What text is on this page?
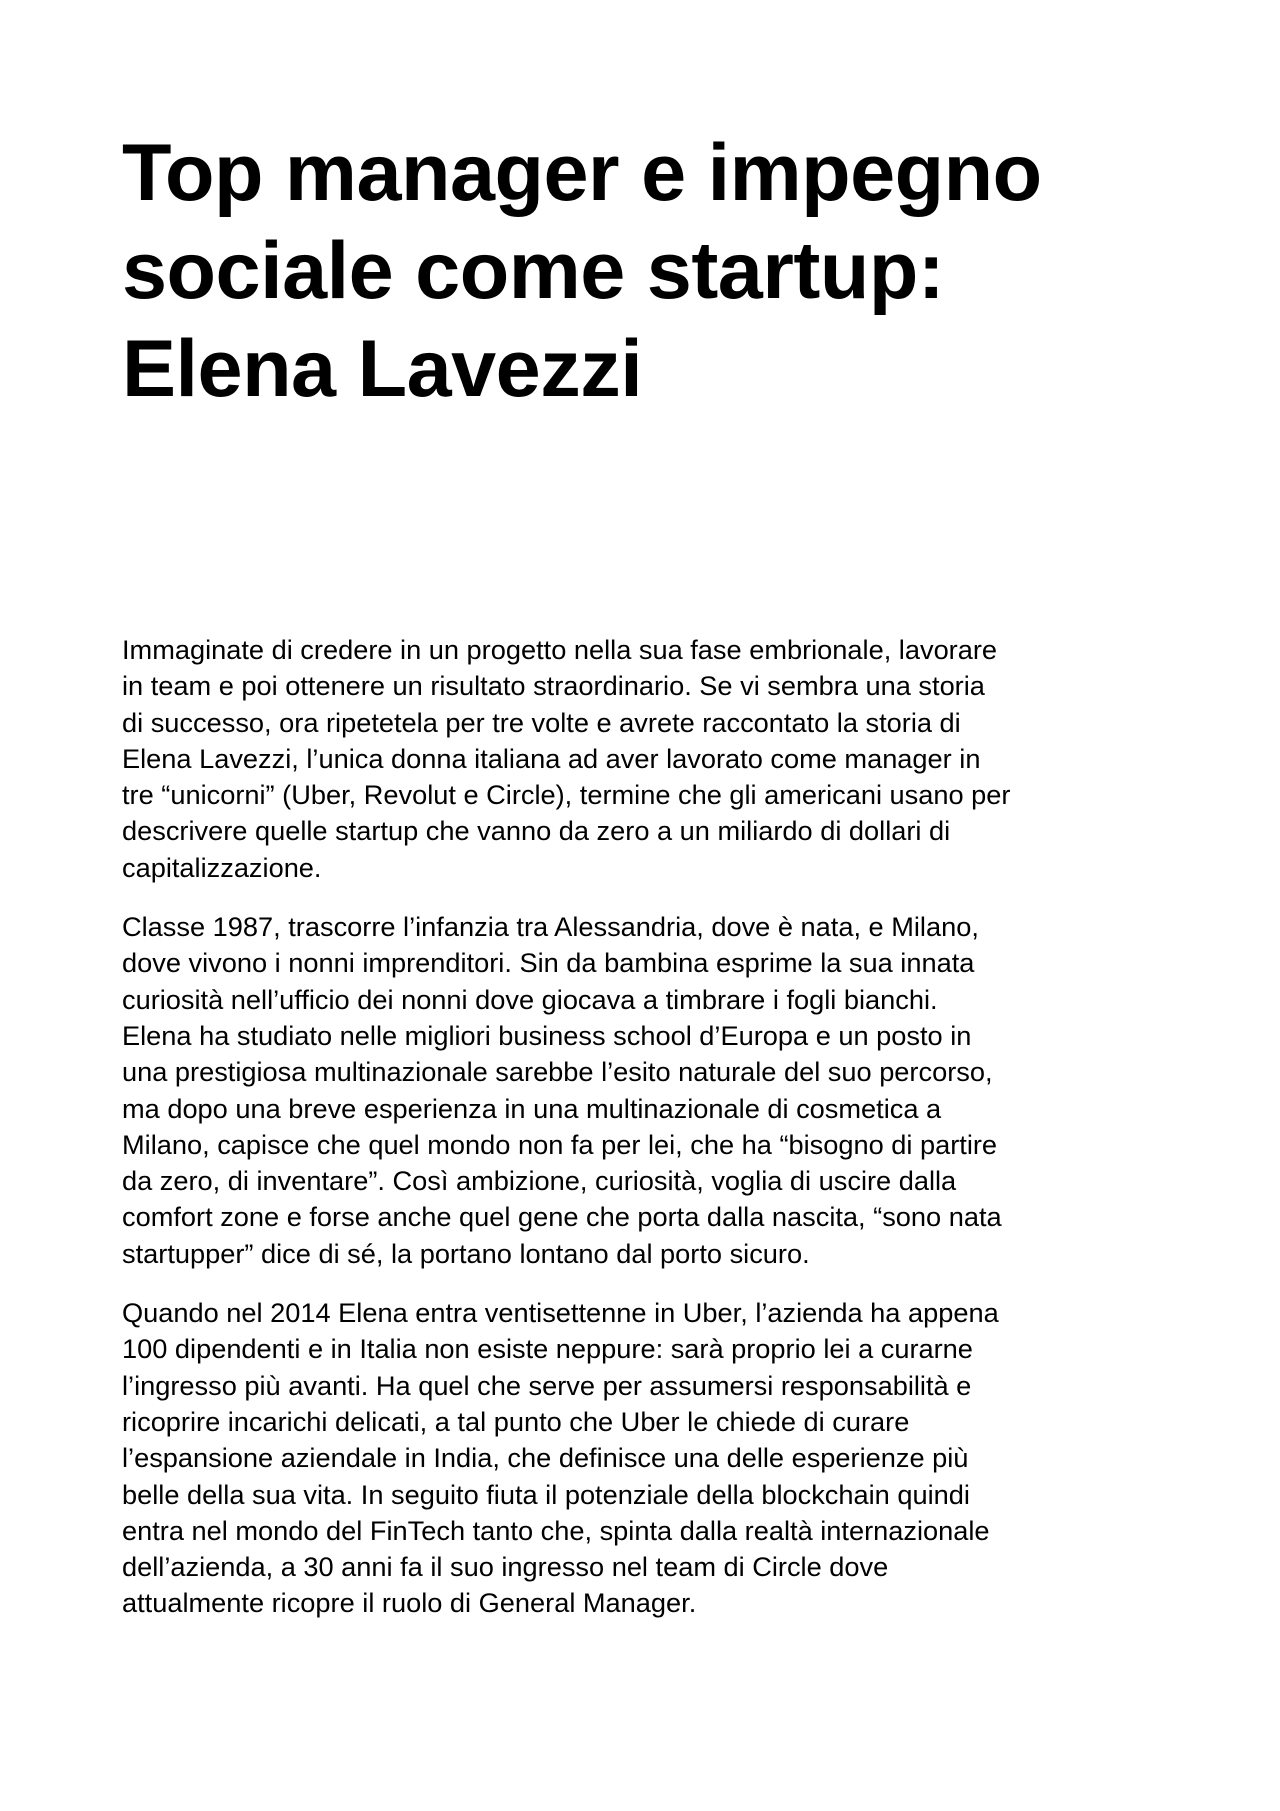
Top manager e impegno
sociale come startup:
Elena Lavezzi

Immaginate di credere in un progetto nella sua fase embrionale, lavorare
in team e poi ottenere un risultato straordinario. Se vi sembra una storia
di successo, ora ripetetela per tre volte e avrete raccontato la storia di
Elena Lavezzi, l’unica donna italiana ad aver lavorato come manager in
tre “unicorni” (Uber, Revolut e Circle), termine che gli americani usano per
descrivere quelle startup che vanno da zero a un miliardo di dollari di
capitalizzazione.

Classe 1987, trascorre l’infanzia tra Alessandria, dove è nata, e Milano,
dove vivono i nonni imprenditori. Sin da bambina esprime la sua innata
curiosità nell’ufficio dei nonni dove giocava a timbrare i fogli bianchi.
Elena ha studiato nelle migliori business school d’Europa e un posto in
una prestigiosa multinazionale sarebbe l’esito naturale del suo percorso,
ma dopo una breve esperienza in una multinazionale di cosmetica a
Milano, capisce che quel mondo non fa per lei, che ha “bisogno di partire
da zero, di inventare”. Così ambizione, curiosità, voglia di uscire dalla
comfort zone e forse anche quel gene che porta dalla nascita, “sono nata
startupper” dice di sé, la portano lontano dal porto sicuro.

Quando nel 2014 Elena entra ventisettenne in Uber, l’azienda ha appena
100 dipendenti e in Italia non esiste neppure: sarà proprio lei a curarne
l’ingresso più avanti. Ha quel che serve per assumersi responsabilità e
ricoprire incarichi delicati, a tal punto che Uber le chiede di curare
l’espansione aziendale in India, che definisce una delle esperienze più
belle della sua vita. In seguito fiuta il potenziale della blockchain quindi
entra nel mondo del FinTech tanto che, spinta dalla realtà internazionale
dell’azienda, a 30 anni fa il suo ingresso nel team di Circle dove
attualmente ricopre il ruolo di General Manager.
